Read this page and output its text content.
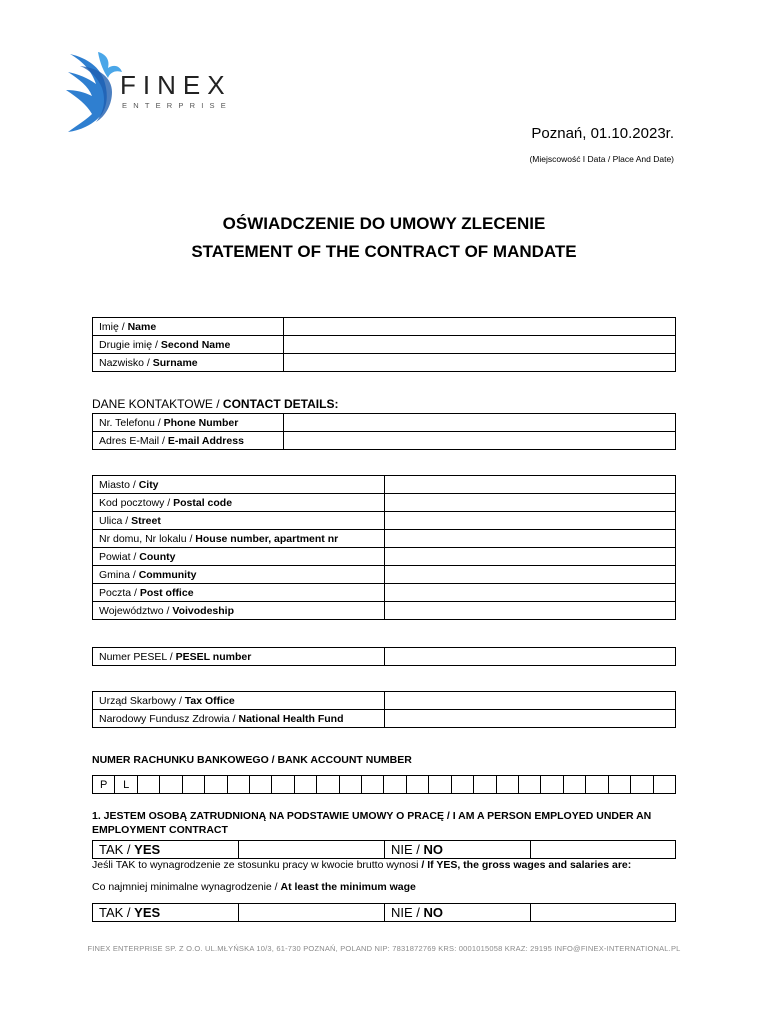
FINEX
ENTERPRISE
Poznań, 01.10.2023r.
(Miejscowość I Data / Place And Date)
OŚWIADCZENIE DO UMOWY ZLECENIE
STATEMENT OF THE CONTRACT OF MANDATE
Imię / Name	
Drugie imię / Second Name	
Nazwisko / Surname	
DANE KONTAKTOWE / CONTACT DETAILS:
Nr. Telefonu / Phone Number	
Adres E-Mail / E-mail Address	
Miasto / City	
Kod pocztowy / Postal code	
Ulica / Street	
Nr domu, Nr lokalu / House number, apartment nr	
Powiat / County	
Gmina / Community	
Poczta / Post office	
Województwo / Voivodeship	
Numer PESEL / PESEL number	
Urząd Skarbowy / Tax Office	
Narodowy Fundusz Zdrowia / National Health Fund	
NUMER RACHUNKU BANKOWEGO / BANK ACCOUNT NUMBER
P	L																								
1. JESTEM OSOBĄ ZATRUDNIONĄ NA PODSTAWIE UMOWY O PRACĘ / I AM A PERSON EMPLOYED UNDER AN EMPLOYMENT CONTRACT
TAK / YES		NIE / NO	
Jeśli TAK to wynagrodzenie ze stosunku pracy w kwocie brutto wynosi / If YES, the gross wages and salaries are:
Co najmniej minimalne wynagrodzenie / At least the minimum wage
TAK / YES		NIE / NO	
FINEX ENTERPRISE SP. Z O.O. UL.MŁYŃSKA 10/3, 61-730 POZNAŃ, POLAND NIP: 7831872769 KRS: 0001015058 KRAZ: 29195 INFO@FINEX-INTERNATIONAL.PL
